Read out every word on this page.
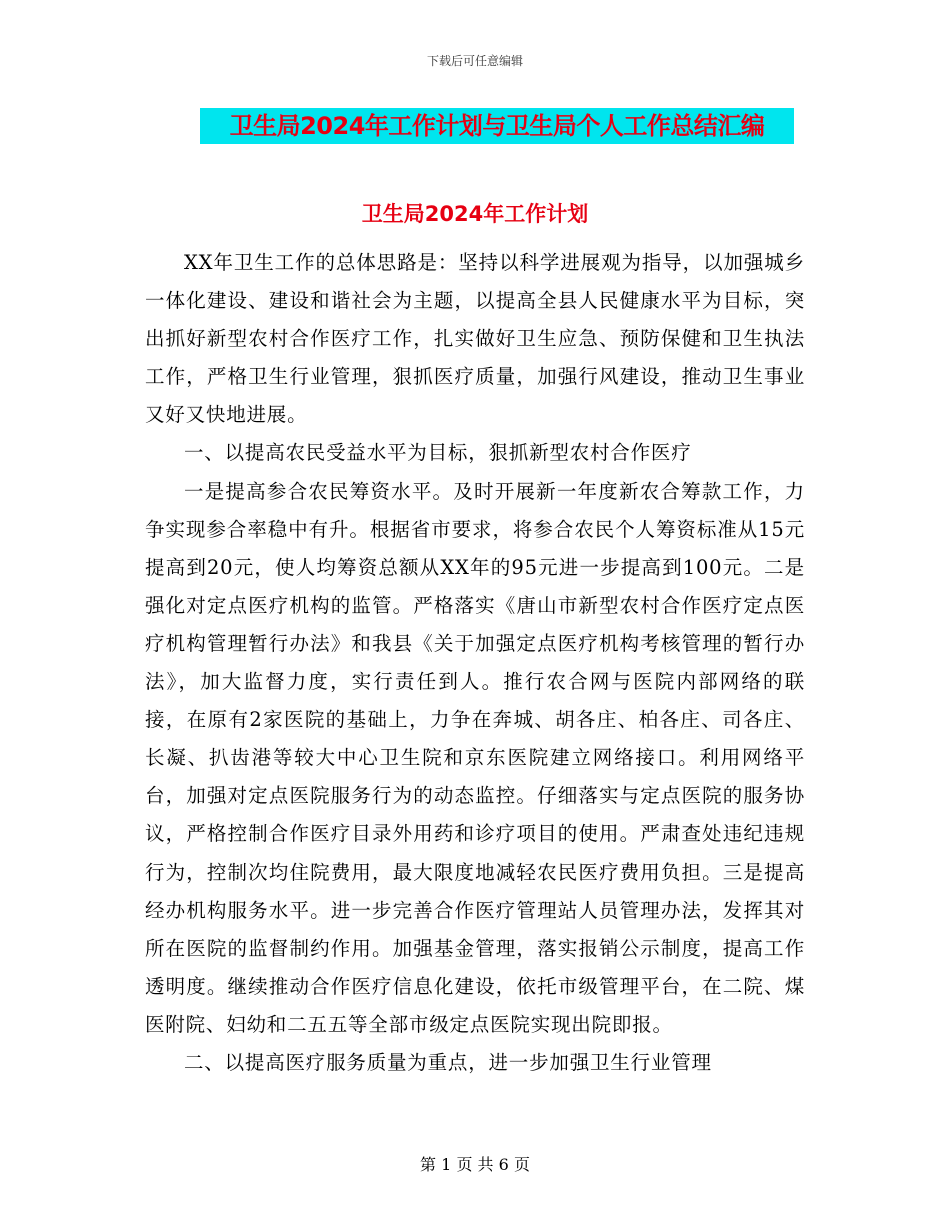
下载后可任意编辑
卫生局2024年工作计划与卫生局个人工作总结汇编
卫生局2024年工作计划

XX年卫生工作的总体思路是：坚持以科学进展观为指导，以加强城乡一体化建设、建设和谐社会为主题，以提高全县人民健康水平为目标，突出抓好新型农村合作医疗工作，扎实做好卫生应急、预防保健和卫生执法工作，严格卫生行业管理，狠抓医疗质量，加强行风建设，推动卫生事业又好又快地进展。

一、以提高农民受益水平为目标，狠抓新型农村合作医疗

一是提高参合农民筹资水平。及时开展新一年度新农合筹款工作，力争实现参合率稳中有升。根据省市要求，将参合农民个人筹资标准从15元提高到20元，使人均筹资总额从XX年的95元进一步提高到100元。二是强化对定点医疗机构的监管。严格落实《唐山市新型农村合作医疗定点医疗机构管理暂行办法》和我县《关于加强定点医疗机构考核管理的暂行办法》，加大监督力度，实行责任到人。推行农合网与医院内部网络的联接，在原有2家医院的基础上，力争在奔城、胡各庄、柏各庄、司各庄、长凝、扒齿港等较大中心卫生院和京东医院建立网络接口。利用网络平台，加强对定点医院服务行为的动态监控。仔细落实与定点医院的服务协议，严格控制合作医疗目录外用药和诊疗项目的使用。严肃查处违纪违规行为，控制次均住院费用，最大限度地减轻农民医疗费用负担。三是提高经办机构服务水平。进一步完善合作医疗管理站人员管理办法，发挥其对所在医院的监督制约作用。加强基金管理，落实报销公示制度，提高工作透明度。继续推动合作医疗信息化建设，依托市级管理平台，在二院、煤医附院、妇幼和二五五等全部市级定点医院实现出院即报。

二、以提高医疗服务质量为重点，进一步加强卫生行业管理

第 1 页 共 6 页
